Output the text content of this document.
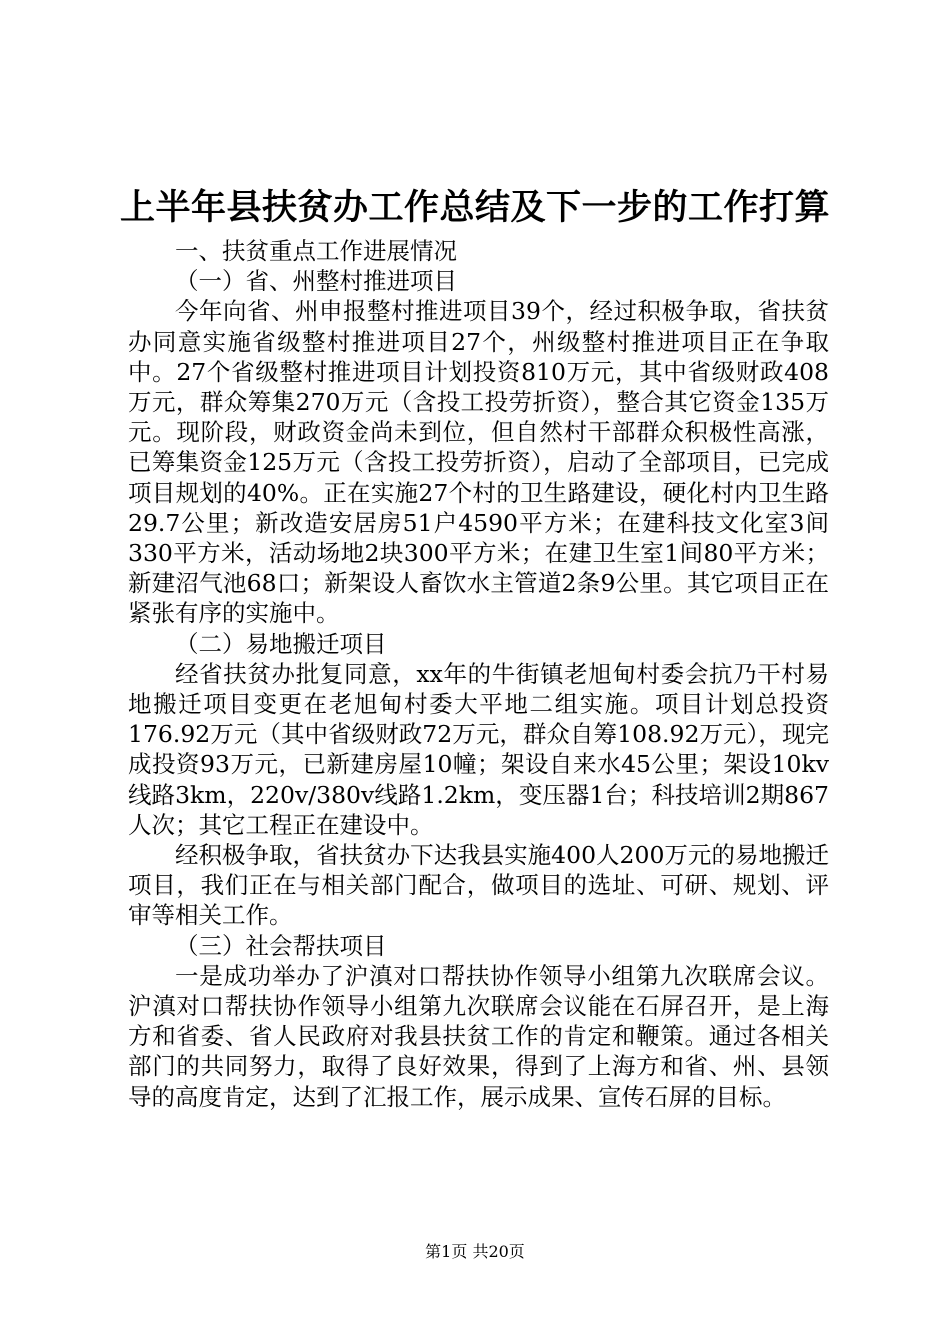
上半年县扶贫办工作总结及下一步的工作打算

一、扶贫重点工作进展情况

（一）省、州整村推进项目

今年向省、州申报整村推进项目39个，经过积极争取，省扶贫办同意实施省级整村推进项目27个，州级整村推进项目正在争取中。27个省级整村推进项目计划投资810万元，其中省级财政408万元，群众筹集270万元（含投工投劳折资），整合其它资金135万元。现阶段，财政资金尚未到位，但自然村干部群众积极性高涨，已筹集资金125万元（含投工投劳折资），启动了全部项目，已完成项目规划的40%。正在实施27个村的卫生路建设，硬化村内卫生路29.7公里；新改造安居房51户4590平方米；在建科技文化室3间330平方米，活动场地2块300平方米；在建卫生室1间80平方米；新建沼气池68口；新架设人畜饮水主管道2条9公里。其它项目正在紧张有序的实施中。

（二）易地搬迁项目

经省扶贫办批复同意，xx年的牛街镇老旭甸村委会抗乃干村易地搬迁项目变更在老旭甸村委大平地二组实施。项目计划总投资176.92万元（其中省级财政72万元，群众自筹108.92万元），现完成投资93万元，已新建房屋10幢；架设自来水45公里；架设10kv线路3km，220v/380v线路1.2km，变压器1台；科技培训2期867人次；其它工程正在建设中。

经积极争取，省扶贫办下达我县实施400人200万元的易地搬迁项目，我们正在与相关部门配合，做项目的选址、可研、规划、评审等相关工作。

（三）社会帮扶项目

一是成功举办了沪滇对口帮扶协作领导小组第九次联席会议。沪滇对口帮扶协作领导小组第九次联席会议能在石屏召开，是上海方和省委、省人民政府对我县扶贫工作的肯定和鞭策。通过各相关部门的共同努力，取得了良好效果，得到了上海方和省、州、县领导的高度肯定，达到了汇报工作，展示成果、宣传石屏的目标。

第1页 共20页
